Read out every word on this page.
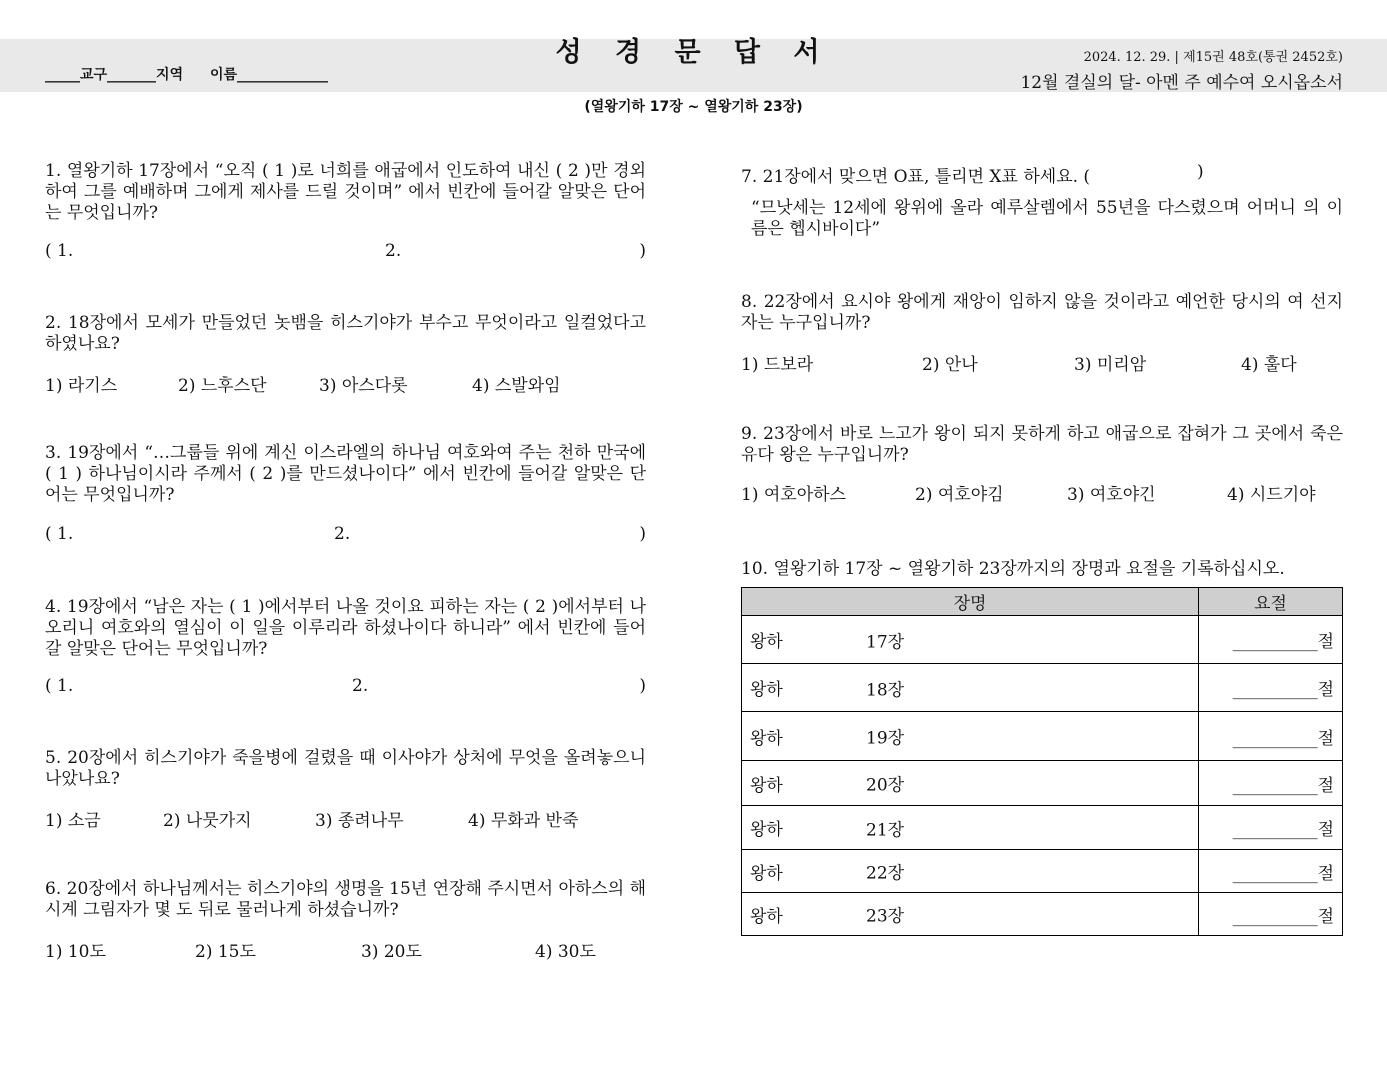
성 경 문 답 서
_____교구_______지역 이름_____________
2024. 12. 29. | 제15권 48호(통권 2452호)
12월 결실의 달- 아멘 주 예수여 오시옵소서
(열왕기하 17장 ~ 열왕기하 23장)
1. 열왕기하 17장에서 “오직 ( 1 )로 너희를 애굽에서 인도하여 내신 ( 2 )만 경외하여 그를 예배하며 그에게 제사를 드릴 것이며” 에서 빈칸에 들어갈 알맞은 단어는 무엇입니까?
( 1.	2.	)
2. 18장에서 모세가 만들었던 놋뱀을 히스기야가 부수고 무엇이라고 일컬었다고 하였나요?
1) 라기스	2) 느후스단	3) 아스다롯	4) 스발와임
3. 19장에서 “…그룹들 위에 계신 이스라엘의 하나님 여호와여 주는 천하 만국에 ( 1 ) 하나님이시라 주께서 ( 2 )를 만드셨나이다” 에서 빈칸에 들어갈 알맞은 단어는 무엇입니까?
( 1.	2.	)
4. 19장에서 “남은 자는 ( 1 )에서부터 나올 것이요 피하는 자는 ( 2 )에서부터 나오리니 여호와의 열심이 이 일을 이루리라 하셨나이다 하니라” 에서 빈칸에 들어갈 알맞은 단어는 무엇입니까?
( 1.	2.	)
5. 20장에서 히스기야가 죽을병에 걸렸을 때 이사야가 상처에 무엇을 올려놓으니 나았나요?
1) 소금	2) 나뭇가지	3) 종려나무	4) 무화과 반죽
6. 20장에서 하나님께서는 히스기야의 생명을 15년 연장해 주시면서 아하스의 해시계 그림자가 몇 도 뒤로 물러나게 하셨습니까?
1) 10도	2) 15도	3) 20도	4) 30도
7. 21장에서 맞으면 O표, 틀리면 X표 하세요. (	)
“므낫세는 12세에 왕위에 올라 예루살렘에서 55년을 다스렸으며 어머니 의 이름은 헵시바이다”
8. 22장에서 요시야 왕에게 재앙이 임하지 않을 것이라고 예언한 당시의 여 선지자는 누구입니까?
1) 드보라	2) 안나	3) 미리암	4) 훌다
9. 23장에서 바로 느고가 왕이 되지 못하게 하고 애굽으로 잡혀가 그 곳에서 죽은 유다 왕은 누구입니까?
1) 여호아하스	2) 여호야김	3) 여호야긴	4) 시드기야
10. 열왕기하 17장 ~ 열왕기하 23장까지의 장명과 요절을 기록하십시오.
장명	요절
왕하 17장	__________절
왕하 18장	__________절
왕하 19장	__________절
왕하 20장	__________절
왕하 21장	__________절
왕하 22장	__________절
왕하 23장	__________절
